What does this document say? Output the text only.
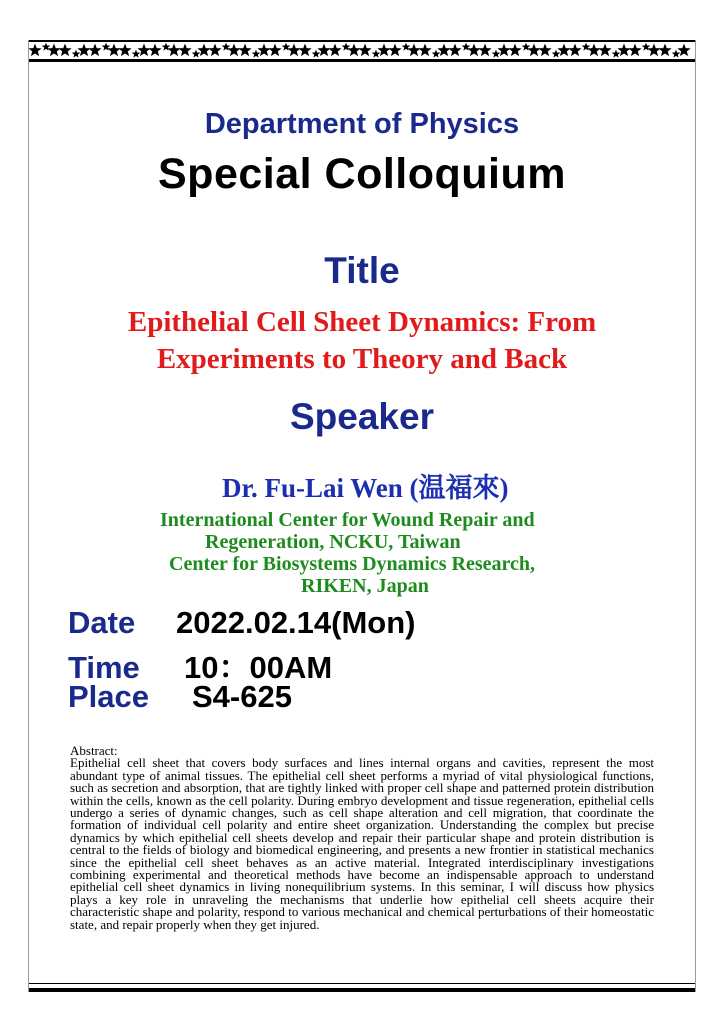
Department of Physics
Special Colloquium
Title
Epithelial Cell Sheet Dynamics: From
Experiments to Theory and Back
Speaker
Dr. Fu-Lai Wen (温福來)
International Center for Wound Repair and
Regeneration, NCKU, Taiwan
Center for Biosystems Dynamics Research,
RIKEN, Japan
Date 2022.02.14(Mon)
Time 10：00AM
Place S4-625
Abstract:
Epithelial cell sheet that covers body surfaces and lines internal organs and cavities, represent the most abundant type of animal tissues. The epithelial cell sheet performs a myriad of vital physiological functions, such as secretion and absorption, that are tightly linked with proper cell shape and patterned protein distribution within the cells, known as the cell polarity. During embryo development and tissue regeneration, epithelial cells undergo a series of dynamic changes, such as cell shape alteration and cell migration, that coordinate the formation of individual cell polarity and entire sheet organization. Understanding the complex but precise dynamics by which epithelial cell sheets develop and repair their particular shape and protein distribution is central to the fields of biology and biomedical engineering, and presents a new frontier in statistical mechanics since the epithelial cell sheet behaves as an active material. Integrated interdisciplinary investigations combining experimental and theoretical methods have become an indispensable approach to understand epithelial cell sheet dynamics in living nonequilibrium systems. In this seminar, I will discuss how physics plays a key role in unraveling the mechanisms that underlie how epithelial cell sheets acquire their characteristic shape and polarity, respond to various mechanical and chemical perturbations of their homeostatic state, and repair properly when they get injured.
